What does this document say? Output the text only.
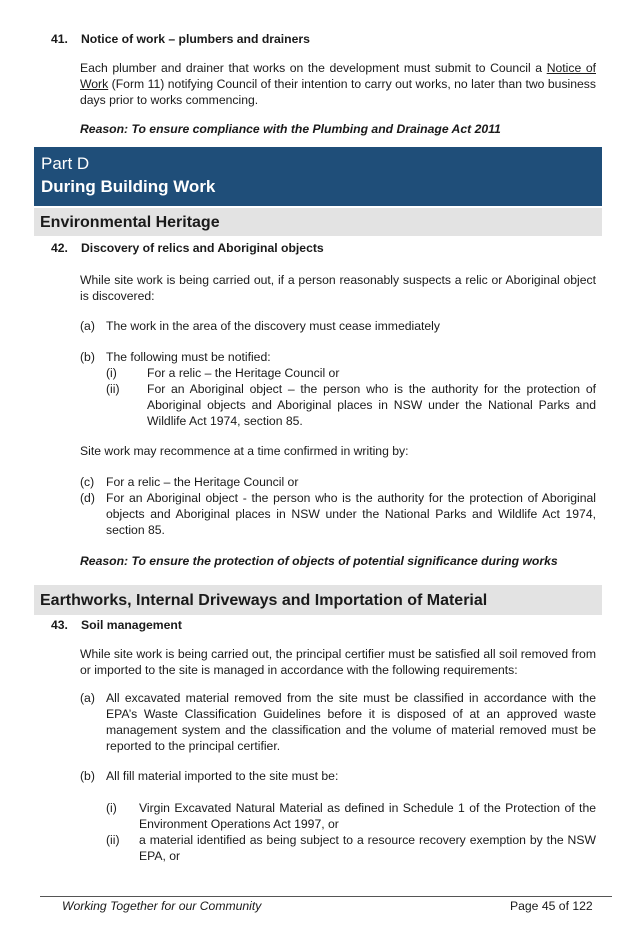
41. Notice of work – plumbers and drainers
Each plumber and drainer that works on the development must submit to Council a Notice of Work (Form 11) notifying Council of their intention to carry out works, no later than two business days prior to works commencing.
Reason: To ensure compliance with the Plumbing and Drainage Act 2011
Part D
During Building Work
Environmental Heritage
42. Discovery of relics and Aboriginal objects
While site work is being carried out, if a person reasonably suspects a relic or Aboriginal object is discovered:
(a) The work in the area of the discovery must cease immediately
(b) The following must be notified:
(i) For a relic – the Heritage Council or
(ii) For an Aboriginal object – the person who is the authority for the protection of Aboriginal objects and Aboriginal places in NSW under the National Parks and Wildlife Act 1974, section 85.
Site work may recommence at a time confirmed in writing by:
(c) For a relic – the Heritage Council or
(d) For an Aboriginal object - the person who is the authority for the protection of Aboriginal objects and Aboriginal places in NSW under the National Parks and Wildlife Act 1974, section 85.
Reason: To ensure the protection of objects of potential significance during works
Earthworks, Internal Driveways and Importation of Material
43. Soil management
While site work is being carried out, the principal certifier must be satisfied all soil removed from or imported to the site is managed in accordance with the following requirements:
(a) All excavated material removed from the site must be classified in accordance with the EPA’s Waste Classification Guidelines before it is disposed of at an approved waste management system and the classification and the volume of material removed must be reported to the principal certifier.
(b) All fill material imported to the site must be:
(i) Virgin Excavated Natural Material as defined in Schedule 1 of the Protection of the Environment Operations Act 1997, or
(ii) a material identified as being subject to a resource recovery exemption by the NSW EPA, or
Working Together for our Community	Page 45 of 122
